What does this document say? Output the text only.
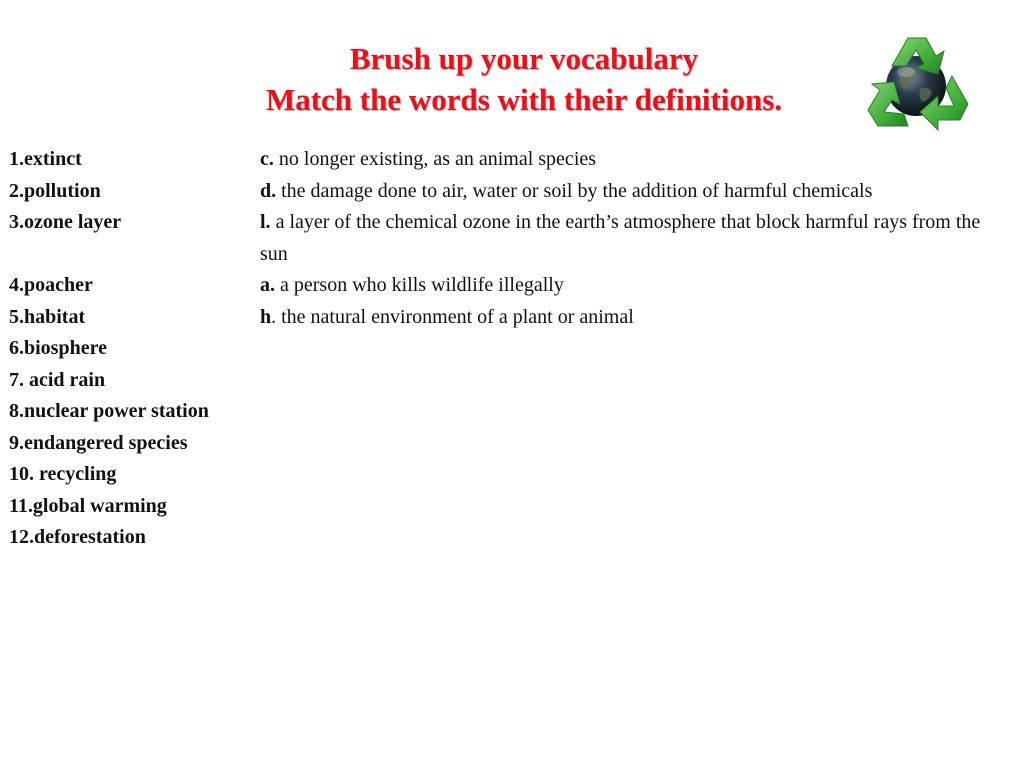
Brush up your vocabulary
Match the words with their definitions.
1.extinct
2.pollution
3.ozone layer

4.poacher
5.habitat
6.biosphere
7. acid rain
8.nuclear power station
9.endangered species
10. recycling
11.global warming
12.deforestation
c. no longer existing, as an animal species
d. the damage done to air, water or soil by the addition of harmful chemicals
l. a layer of the chemical ozone in the earth’s atmosphere that block harmful rays from the sun
a. a person who kills wildlife illegally
h. the natural environment of a plant or animal
